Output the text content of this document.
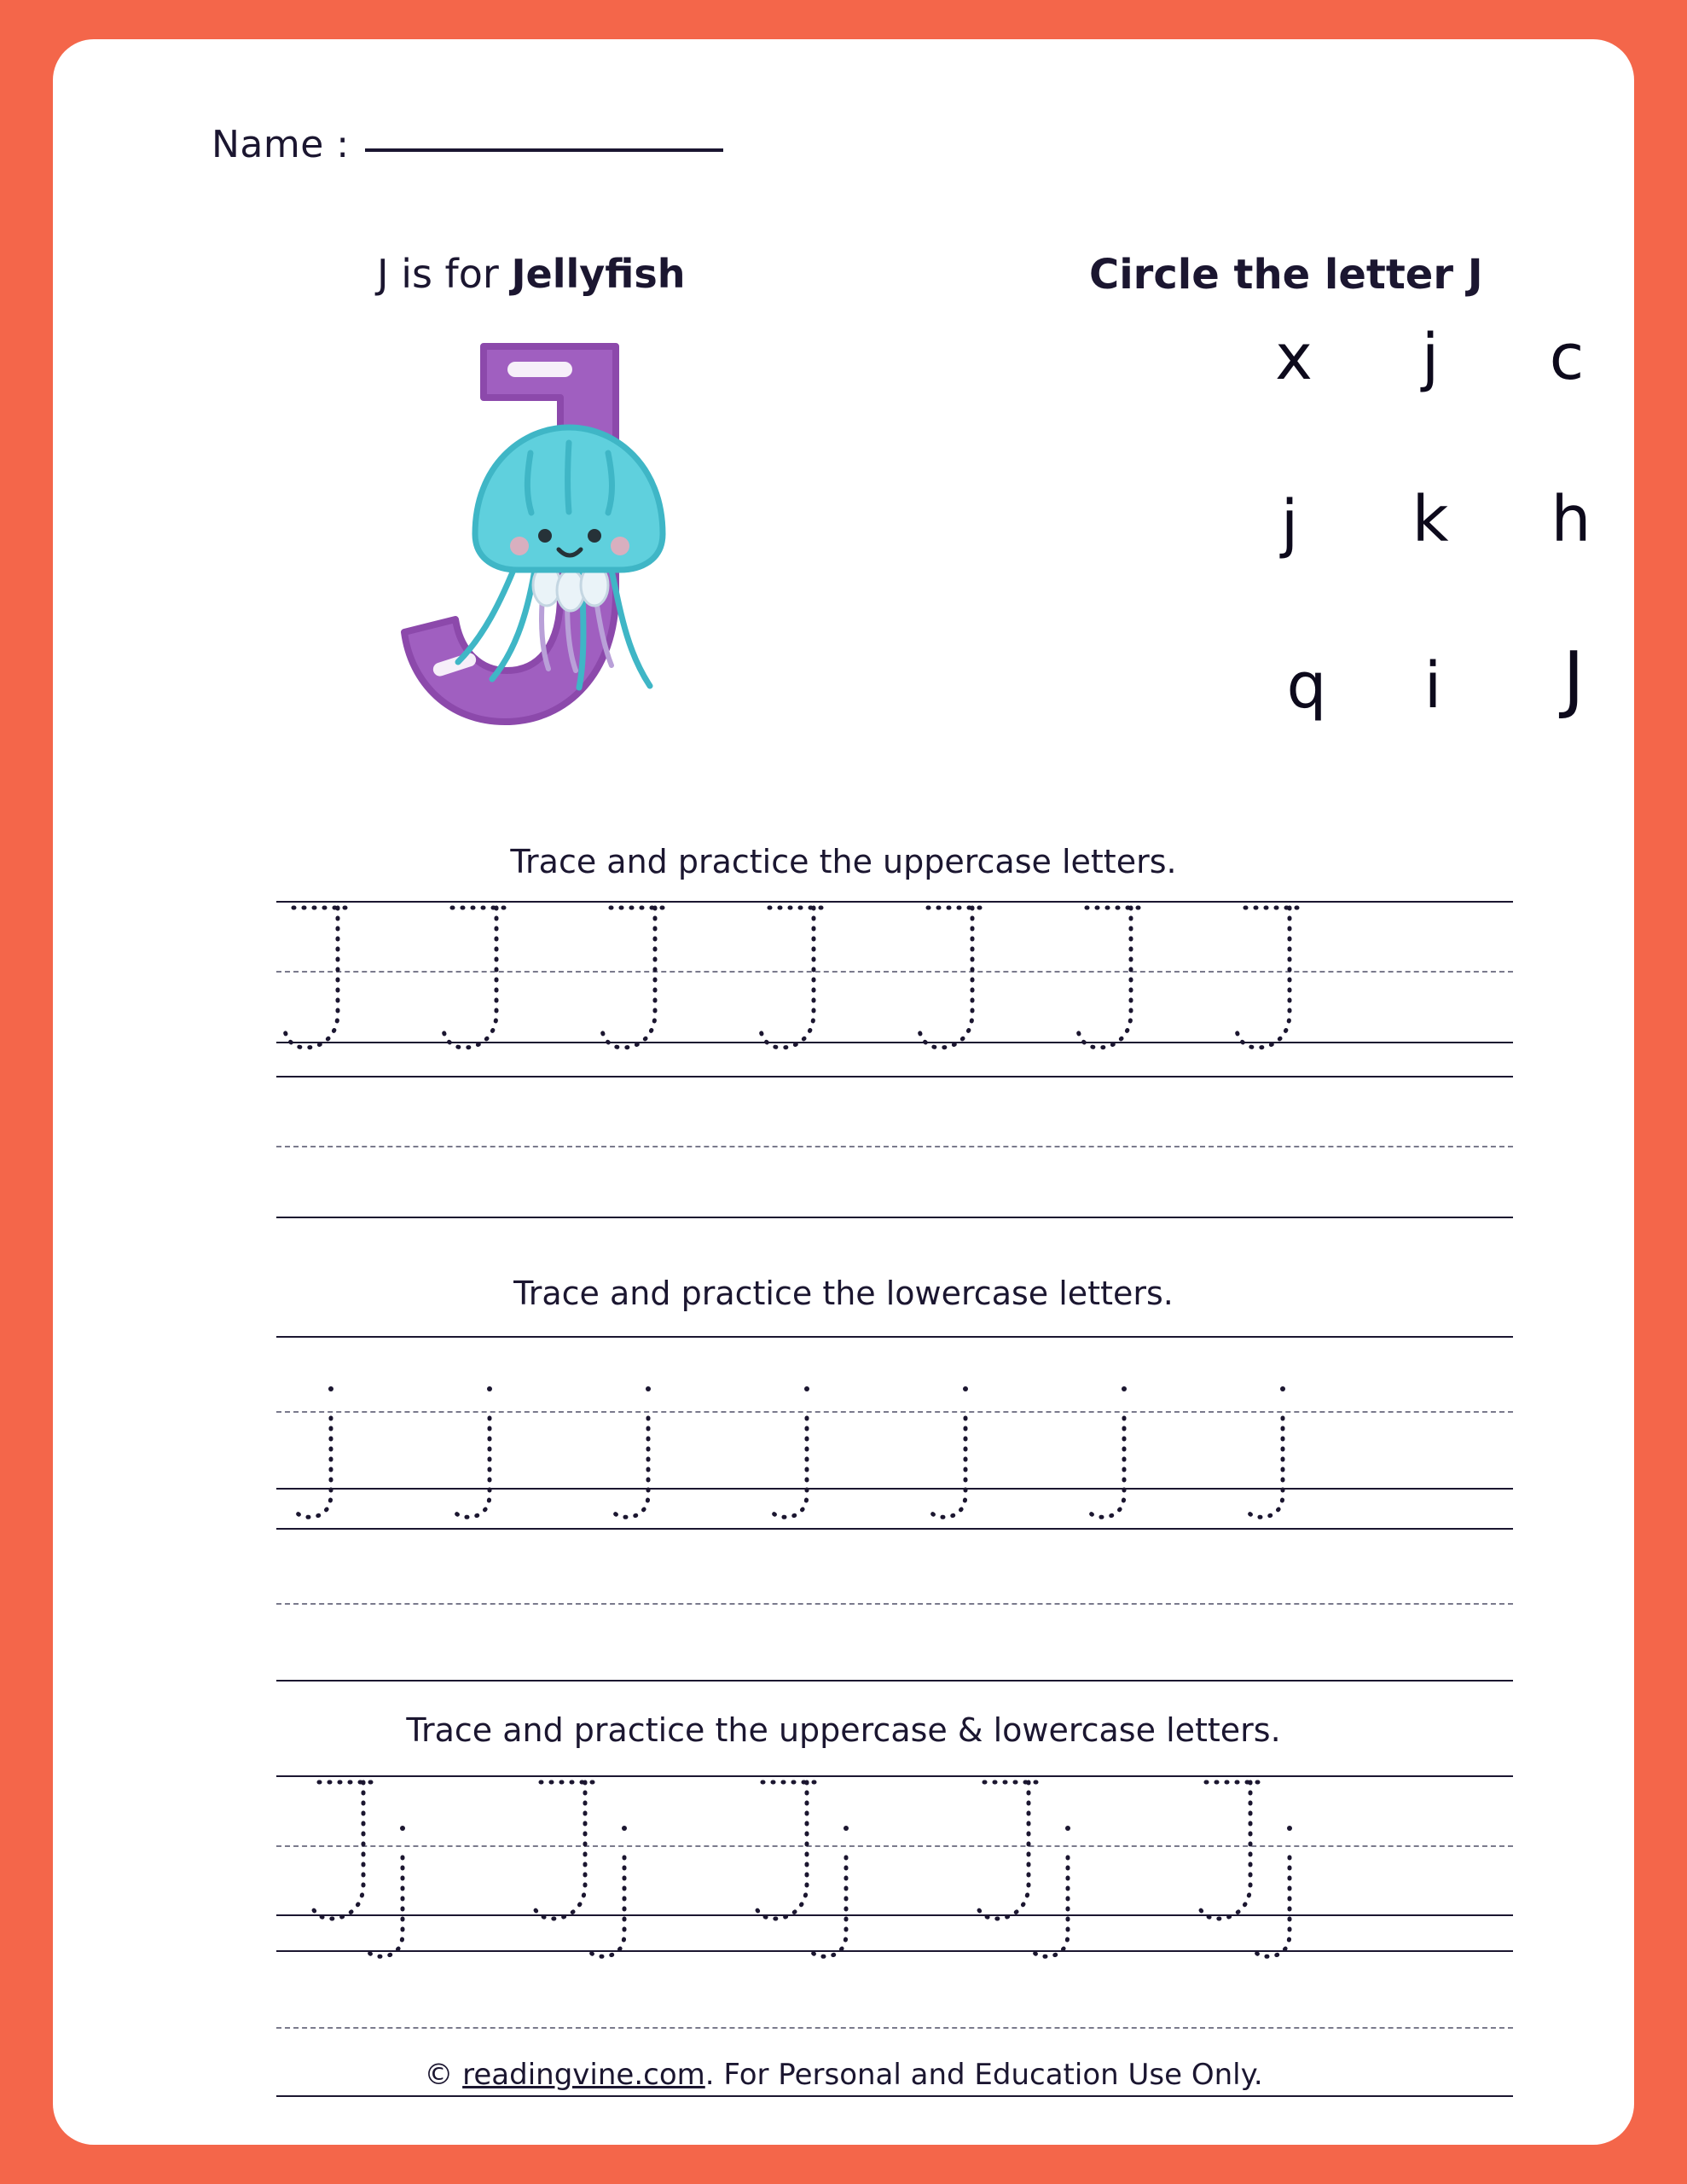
Name :
J is for Jellyfish	Circle the letter J
x	j	c
j	k	h
q	i	J
Trace and practice the uppercase letters.
Trace and practice the lowercase letters.
Trace and practice the uppercase & lowercase letters.
© readingvine.com. For Personal and Education Use Only.
